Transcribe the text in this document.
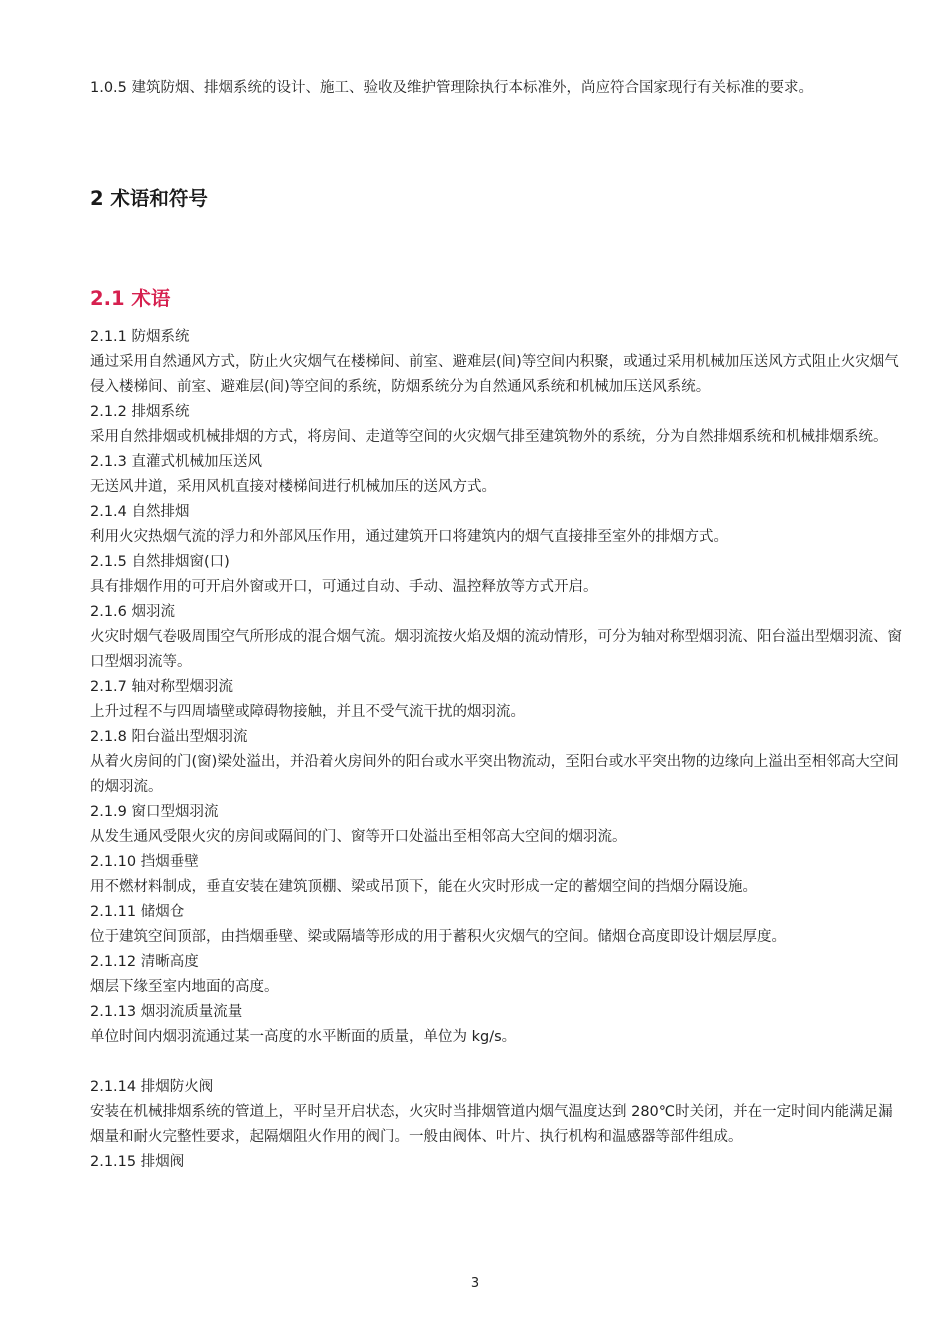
1.0.5 建筑防烟、排烟系统的设计、施工、验收及维护管理除执行本标准外，尚应符合国家现行有关标准的要求。

2 术语和符号
2.1 术语

2.1.1 防烟系统

通过采用自然通风方式，防止火灾烟气在楼梯间、前室、避难层(间)等空间内积聚，或通过采用机械加压送风方式阻止火灾烟气侵入楼梯间、前室、避难层(间)等空间的系统，防烟系统分为自然通风系统和机械加压送风系统。

2.1.2 排烟系统

采用自然排烟或机械排烟的方式，将房间、走道等空间的火灾烟气排至建筑物外的系统，分为自然排烟系统和机械排烟系统。

2.1.3 直灌式机械加压送风

无送风井道，采用风机直接对楼梯间进行机械加压的送风方式。

2.1.4 自然排烟

利用火灾热烟气流的浮力和外部风压作用，通过建筑开口将建筑内的烟气直接排至室外的排烟方式。

2.1.5 自然排烟窗(口)

具有排烟作用的可开启外窗或开口，可通过自动、手动、温控释放等方式开启。

2.1.6 烟羽流

火灾时烟气卷吸周围空气所形成的混合烟气流。烟羽流按火焰及烟的流动情形，可分为轴对称型烟羽流、阳台溢出型烟羽流、窗口型烟羽流等。

2.1.7 轴对称型烟羽流

上升过程不与四周墙壁或障碍物接触，并且不受气流干扰的烟羽流。

2.1.8 阳台溢出型烟羽流

从着火房间的门(窗)梁处溢出，并沿着火房间外的阳台或水平突出物流动，至阳台或水平突出物的边缘向上溢出至相邻高大空间的烟羽流。

2.1.9 窗口型烟羽流

从发生通风受限火灾的房间或隔间的门、窗等开口处溢出至相邻高大空间的烟羽流。

2.1.10 挡烟垂壁

用不燃材料制成，垂直安装在建筑顶棚、梁或吊顶下，能在火灾时形成一定的蓄烟空间的挡烟分隔设施。

2.1.11 储烟仓

位于建筑空间顶部，由挡烟垂壁、梁或隔墙等形成的用于蓄积火灾烟气的空间。储烟仓高度即设计烟层厚度。

2.1.12 清晰高度

烟层下缘至室内地面的高度。

2.1.13 烟羽流质量流量

单位时间内烟羽流通过某一高度的水平断面的质量，单位为 kg/s。

2.1.14 排烟防火阀

安装在机械排烟系统的管道上，平时呈开启状态，火灾时当排烟管道内烟气温度达到 280℃时关闭，并在一定时间内能满足漏烟量和耐火完整性要求，起隔烟阻火作用的阀门。一般由阀体、叶片、执行机构和温感器等部件组成。

2.1.15 排烟阀

3
